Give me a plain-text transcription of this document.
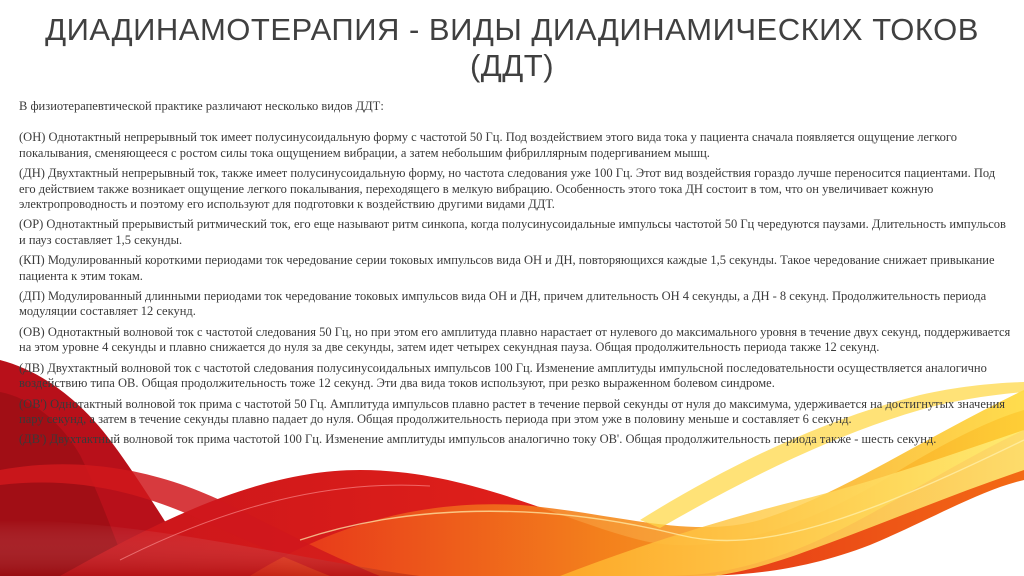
ДИАДИНАМОТЕРАПИЯ - ВИДЫ ДИАДИНАМИЧЕСКИХ ТОКОВ (ДДТ)

В физиотерапевтической практике различают несколько видов ДДТ:

(ОН) Однотактный непрерывный ток имеет полусинусоидальную форму с частотой 50 Гц. Под воздействием этого вида тока у пациента сначала появляется ощущение легкого покалывания, сменяющееся с ростом силы тока ощущением вибрации, а затем небольшим фибриллярным подергиванием мышц.

(ДН) Двухтактный непрерывный ток, также имеет полусинусоидальную форму, но частота следования уже 100 Гц. Этот вид воздействия гораздо лучше переносится пациентами. Под его действием также возникает ощущение легкого покалывания, переходящего в мелкую вибрацию. Особенность этого тока ДН состоит в том, что он увеличивает кожную электропроводность и поэтому его используют для подготовки к воздействию другими видами ДДТ.

(ОР) Однотактный прерывистый ритмический ток, его еще называют ритм синкопа, когда полусинусоидальные импульсы частотой 50 Гц чередуются паузами. Длительность импульсов и пауз составляет 1,5 секунды.

(КП) Модулированный короткими периодами ток чередование серии токовых импульсов вида ОН и ДН, повторяющихся каждые 1,5 секунды. Такое чередование снижает привыкание пациента к этим токам.

(ДП) Модулированный длинными периодами ток чередование токовых импульсов вида ОН и ДН, причем длительность ОН 4 секунды, а ДН - 8 секунд. Продолжительность периода модуляции составляет 12 секунд.

(ОВ) Однотактный волновой ток с частотой следования 50 Гц, но при этом его амплитуда плавно нарастает от нулевого до максимального уровня в течение двух секунд, поддерживается на этом уровне 4 секунды и плавно снижается до нуля за две секунды, затем идет четырех секундная пауза. Общая продолжительность периода также 12 секунд.

(ДВ) Двухтактный волновой ток с частотой следования полусинусоидальных импульсов 100 Гц. Изменение амплитуды импульсной последовательности осуществляется аналогично воздействию типа ОВ. Общая продолжительность тоже 12 секунд. Эти два вида токов используют, при резко выраженном болевом синдроме.

(ОВ') Однотактный волновой ток прима с частотой 50 Гц. Амплитуда импульсов плавно растет в течение первой секунды от нуля до максимума, удерживается на достигнутых значения пару секунд, а затем в течение секунды плавно падает до нуля. Общая продолжительность периода при этом уже в половину меньше и составляет 6 секунд.

(ДВ') Двухтактный волновой ток прима частотой 100 Гц. Изменение амплитуды импульсов аналогично току ОВ'. Общая продолжительность периода также - шесть секунд.
